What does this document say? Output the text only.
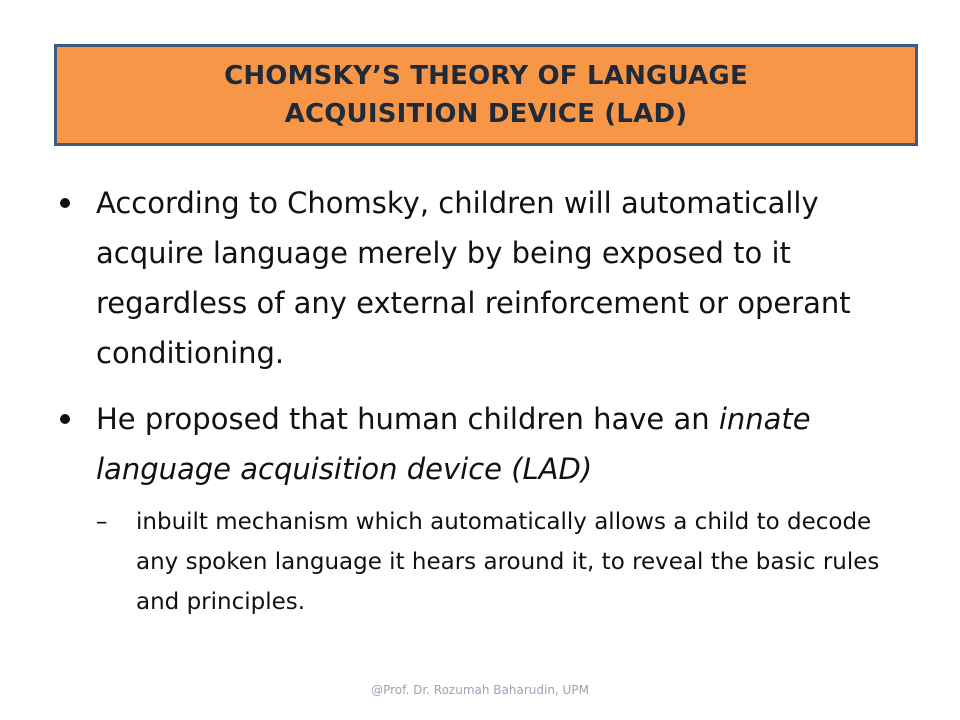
CHOMSKY’S THEORY OF LANGUAGE ACQUISITION DEVICE (LAD)
According to Chomsky, children will automatically acquire language merely by being exposed to it regardless of any external reinforcement or operant conditioning.
He proposed that human children have an innate language acquisition device (LAD)
– inbuilt mechanism which automatically allows a child to decode any spoken language it hears around it, to reveal the basic rules and principles.
@Prof. Dr. Rozumah Baharudin, UPM
